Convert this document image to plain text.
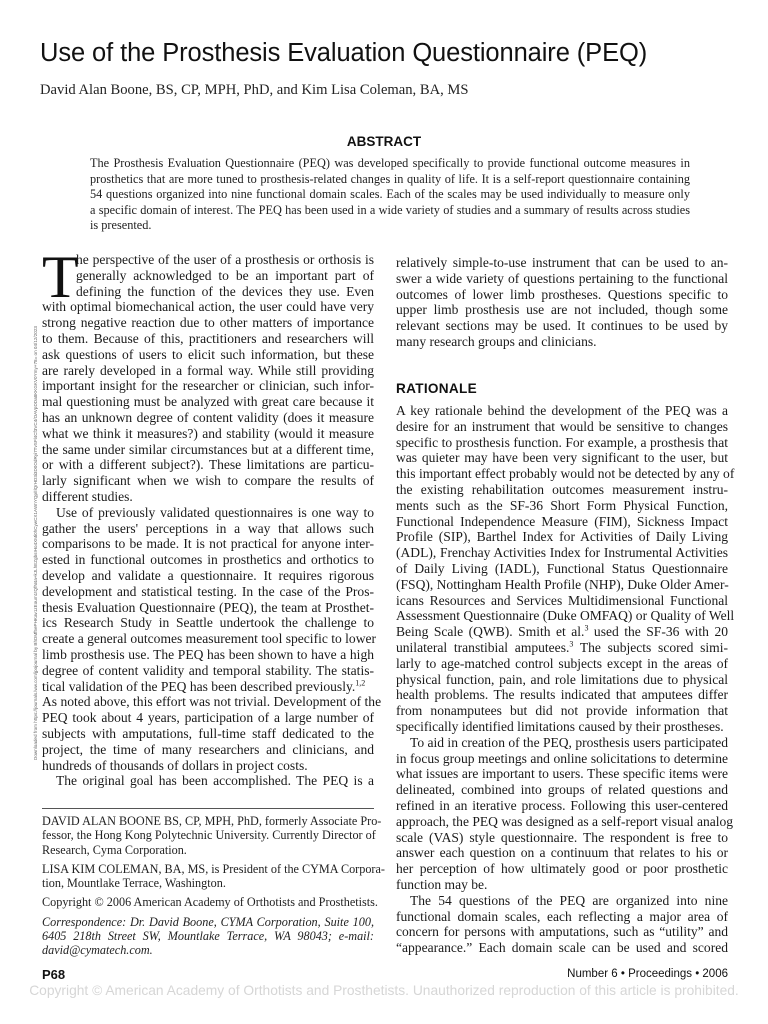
Use of the Prosthesis Evaluation Questionnaire (PEQ)
David Alan Boone, BS, CP, MPH, PhD, and Kim Lisa Coleman, BA, MS
ABSTRACT
The Prosthesis Evaluation Questionnaire (PEQ) was developed specifically to provide functional outcome measures in
prosthetics that are more tuned to prosthesis-related changes in quality of life. It is a self-report questionnaire containing
54 questions organized into nine functional domain scales. Each of the scales may be used individually to measure only
a specific domain of interest. The PEQ has been used in a wide variety of studies and a summary of results across studies
is presented.
Downloaded from https://journals.lww.com/jpojournal by BhDMf5ePHKav1zEoum1tQfN4a+kJLhEZgbsIHo4XMi0hCywCX1AWnYQp/IlQrHD3i3D0OdRyi7TvSFl4Cf3VC4/OAVpDDa8KKGKV0Ymy+78= on 04/12/2023
T

he perspective of the user of a prosthesis or orthosis is
generally acknowledged to be an important part of
defining the function of the devices they use. Even
with optimal biomechanical action, the user could have very
strong negative reaction due to other matters of importance
to them. Because of this, practitioners and researchers will
ask questions of users to elicit such information, but these
are rarely developed in a formal way. While still providing
important insight for the researcher or clinician, such infor-
mal questioning must be analyzed with great care because it
has an unknown degree of content validity (does it measure
what we think it measures?) and stability (would it measure
the same under similar circumstances but at a different time,
or with a different subject?). These limitations are particu-
larly significant when we wish to compare the results of
different studies.

Use of previously validated questionnaires is one way to
gather the users' perceptions in a way that allows such
comparisons to be made. It is not practical for anyone inter-
ested in functional outcomes in prosthetics and orthotics to
develop and validate a questionnaire. It requires rigorous
development and statistical testing. In the case of the Pros-
thesis Evaluation Questionnaire (PEQ), the team at Prosthet-
ics Research Study in Seattle undertook the challenge to
create a general outcomes measurement tool specific to lower
limb prosthesis use. The PEQ has been shown to have a high
degree of content validity and temporal stability. The statis-
tical validation of the PEQ has been described previously.$^{1,2}$
As noted above, this effort was not trivial. Development of the
PEQ took about 4 years, participation of a large number of
subjects with amputations, full-time staff dedicated to the
project, the time of many researchers and clinicians, and
hundreds of thousands of dollars in project costs.

The original goal has been accomplished. The PEQ is a

DAVID ALAN BOONE BS, CP, MPH, PhD, formerly Associate Pro-
fessor, the Hong Kong Polytechnic University. Currently Director of
Research, Cyma Corporation.
LISA KIM COLEMAN, BA, MS, is President of the CYMA Corpora-
tion, Mountlake Terrace, Washington.
Copyright © 2006 American Academy of Orthotists and Prosthetists.
Correspondence: Dr. David Boone, CYMA Corporation, Suite 100,
6405 218th Street SW, Mountlake Terrace, WA 98043; e-mail:
david@cymatech.com.

relatively simple-to-use instrument that can be used to an-
swer a wide variety of questions pertaining to the functional
outcomes of lower limb prostheses. Questions specific to
upper limb prosthesis use are not included, though some
relevant sections may be used. It continues to be used by
many research groups and clinicians.

RATIONALE

A key rationale behind the development of the PEQ was a
desire for an instrument that would be sensitive to changes
specific to prosthesis function. For example, a prosthesis that
was quieter may have been very significant to the user, but
this important effect probably would not be detected by any of
the existing rehabilitation outcomes measurement instru-
ments such as the SF-36 Short Form Physical Function,
Functional Independence Measure (FIM), Sickness Impact
Profile (SIP), Barthel Index for Activities of Daily Living
(ADL), Frenchay Activities Index for Instrumental Activities
of Daily Living (IADL), Functional Status Questionnaire
(FSQ), Nottingham Health Profile (NHP), Duke Older Amer-
icans Resources and Services Multidimensional Functional
Assessment Questionnaire (Duke OMFAQ) or Quality of Well
Being Scale (QWB). Smith et al.$^3$ used the SF-36 with 20
unilateral transtibial amputees.$^3$ The subjects scored simi-
larly to age-matched control subjects except in the areas of
physical function, pain, and role limitations due to physical
health problems. The results indicated that amputees differ
from nonamputees but did not provide information that
specifically identified limitations caused by their prostheses.

To aid in creation of the PEQ, prosthesis users participated
in focus group meetings and online solicitations to determine
what issues are important to users. These specific items were
delineated, combined into groups of related questions and
refined in an iterative process. Following this user-centered
approach, the PEQ was designed as a self-report visual analog
scale (VAS) style questionnaire. The respondent is free to
answer each question on a continuum that relates to his or
her perception of how ultimately good or poor prosthetic
function may be.

The 54 questions of the PEQ are organized into nine
functional domain scales, each reflecting a major area of
concern for persons with amputations, such as “utility” and
“appearance.” Each domain scale can be used and scored

P68	Number 6 • Proceedings • 2006
Copyright © American Academy of Orthotists and Prosthetists. Unauthorized reproduction of this article is prohibited.
